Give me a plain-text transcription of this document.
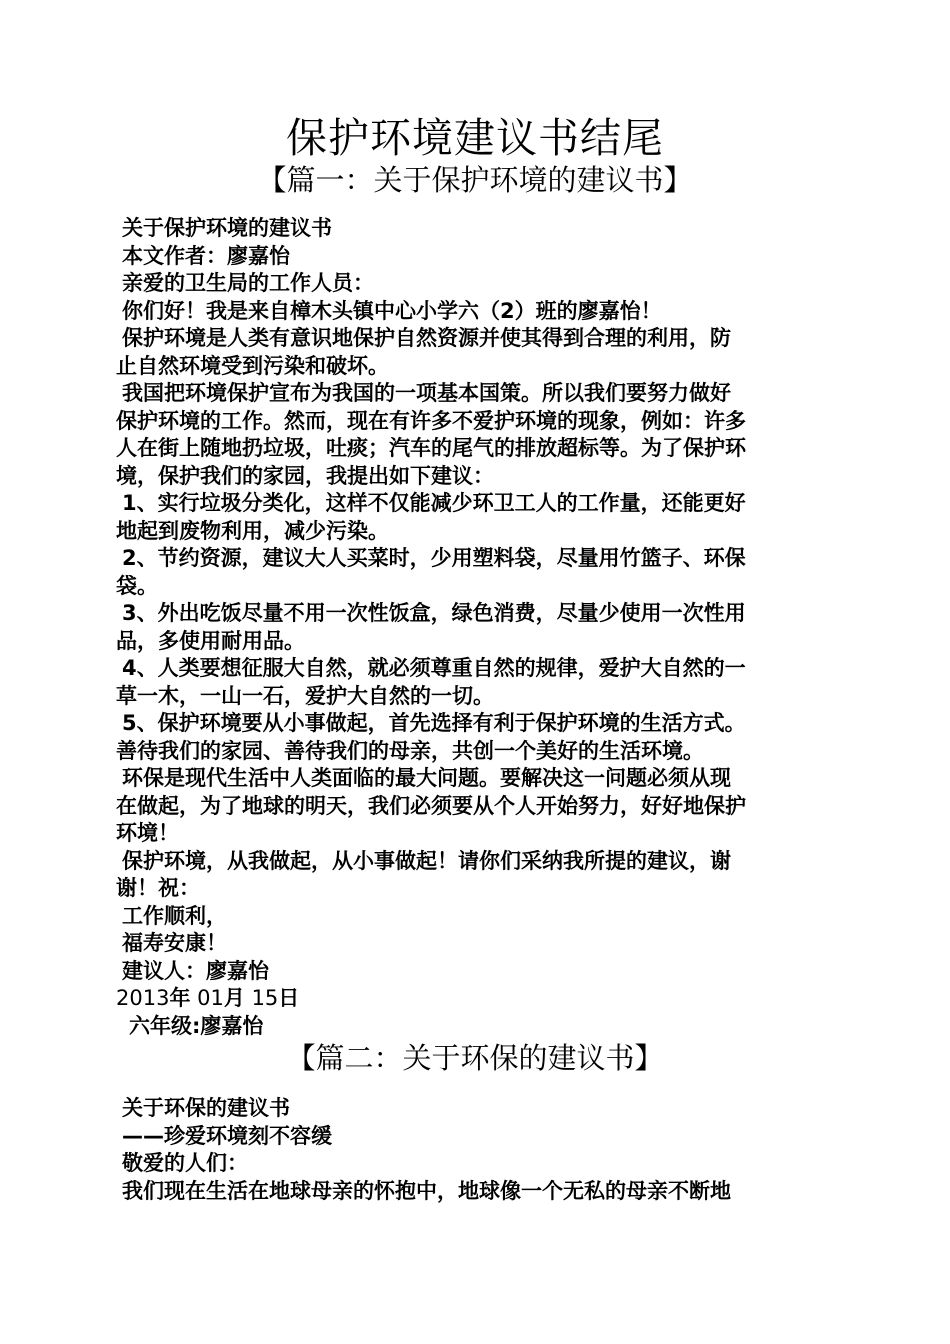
保护环境建议书结尾
【篇一：关于保护环境的建议书】
关于保护环境的建议书
本文作者：廖嘉怡
亲爱的卫生局的工作人员：
你们好！我是来自樟木头镇中心小学六（2）班的廖嘉怡！
保护环境是人类有意识地保护自然资源并使其得到合理的利用，防
止自然环境受到污染和破坏。
我国把环境保护宣布为我国的一项基本国策。所以我们要努力做好
保护环境的工作。然而，现在有许多不爱护环境的现象，例如：许多
人在街上随地扔垃圾，吐痰；汽车的尾气的排放超标等。为了保护环
境，保护我们的家园，我提出如下建议：
1、实行垃圾分类化，这样不仅能减少环卫工人的工作量，还能更好
地起到废物利用，减少污染。
2、节约资源，建议大人买菜时，少用塑料袋，尽量用竹篮子、环保
袋。
3、外出吃饭尽量不用一次性饭盒，绿色消费，尽量少使用一次性用
品，多使用耐用品。
4、人类要想征服大自然，就必须尊重自然的规律，爱护大自然的一
草一木，一山一石，爱护大自然的一切。
5、保护环境要从小事做起，首先选择有利于保护环境的生活方式。
善待我们的家园、善待我们的母亲，共创一个美好的生活环境。
环保是现代生活中人类面临的最大问题。要解决这一问题必须从现
在做起，为了地球的明天，我们必须要从个人开始努力，好好地保护
环境！
保护环境，从我做起，从小事做起！请你们采纳我所提的建议，谢
谢！祝：
工作顺利，
福寿安康！
建议人：廖嘉怡
2013年 01月 15日
六年级:廖嘉怡
【篇二：关于环保的建议书】
关于环保的建议书
——珍爱环境刻不容缓
敬爱的人们：
我们现在生活在地球母亲的怀抱中，地球像一个无私的母亲不断地
